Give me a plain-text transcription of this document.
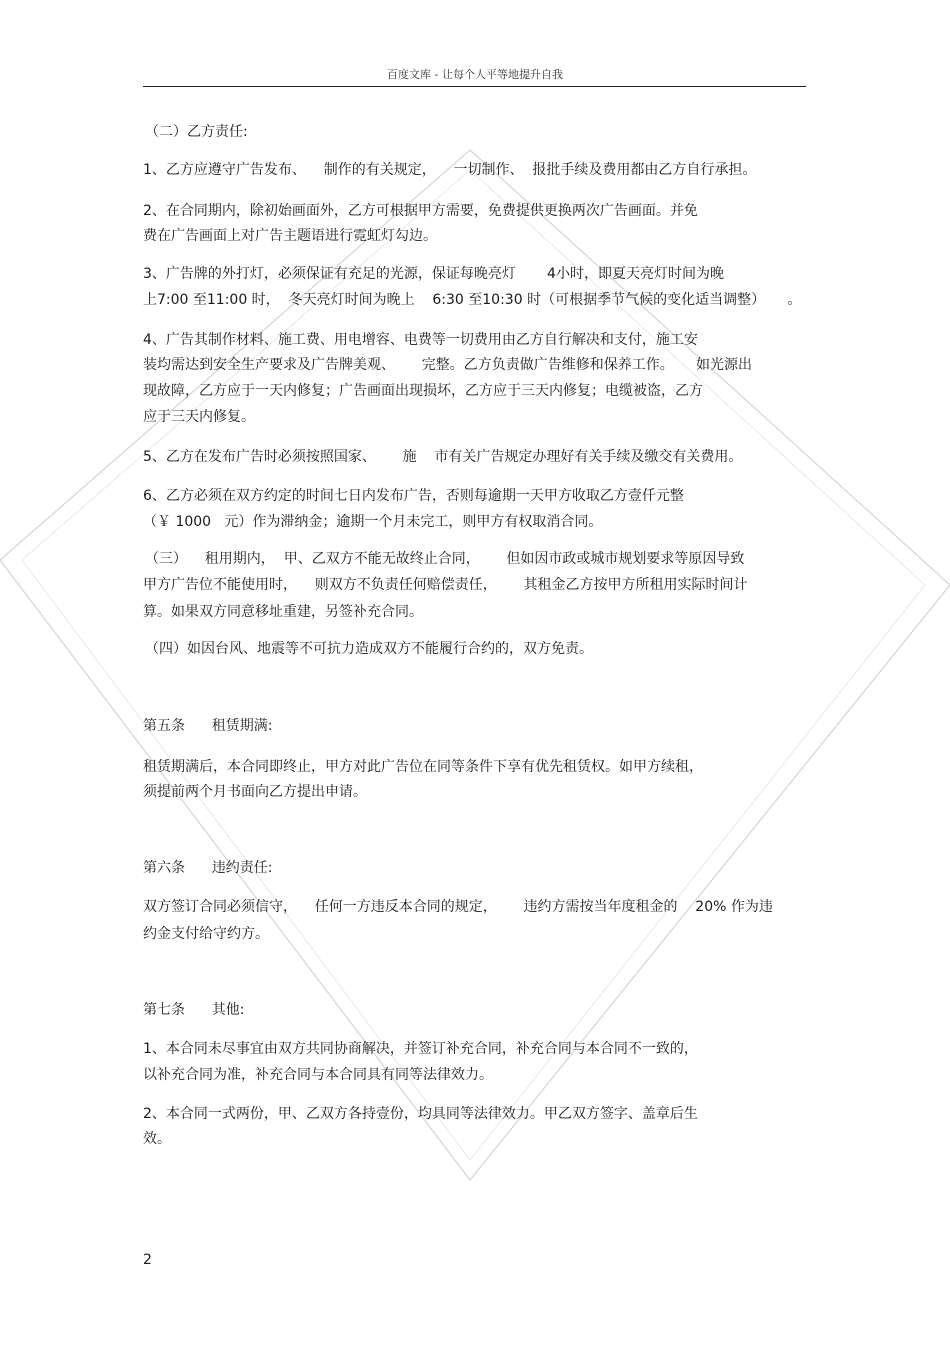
百度文库 - 让每个人平等地提升自我
（二）乙方责任:
1、乙方应遵守广告发布、    制作的有关规定，    一切制作、  报批手续及费用都由乙方自行承担。
2、在合同期内，除初始画面外，乙方可根据甲方需要，免费提供更换两次广告画面。并免
费在广告画面上对广告主题语进行霓虹灯勾边。
3、广告牌的外打灯，必须保证有充足的光源，保证每晚亮灯       4小时，即夏天亮灯时间为晚
上7:00 至11:00 时，  冬天亮灯时间为晚上    6:30 至10:30 时（可根据季节气候的变化适当调整）     。
4、广告其制作材料、施工费、用电增容、电费等一切费用由乙方自行解决和支付，施工安
装均需达到安全生产要求及广告牌美观、      完整。乙方负责做广告维修和保养工作。     如光源出
现故障，乙方应于一天内修复；广告画面出现损坏，乙方应于三天内修复；电缆被盗，乙方
应于三天内修复。
5、乙方在发布广告时必须按照国家、      施    市有关广告规定办理好有关手续及缴交有关费用。
6、乙方必须在双方约定的时间七日内发布广告，否则每逾期一天甲方收取乙方壹仟元整
（￥ 1000   元）作为滞纳金；逾期一个月未完工，则甲方有权取消合同。
（三）    租用期内，  甲、乙双方不能无故终止合同，      但如因市政或城市规划要求等原因导致
甲方广告位不能使用时，    则双方不负责任何赔偿责任，      其租金乙方按甲方所租用实际时间计
算。如果双方同意移址重建，另签补充合同。
（四）如因台风、地震等不可抗力造成双方不能履行合约的，双方免责。
第五条      租赁期满:
租赁期满后，本合同即终止，甲方对此广告位在同等条件下享有优先租赁权。如甲方续租，
须提前两个月书面向乙方提出申请。
第六条      违约责任:
双方签订合同必须信守，    任何一方违反本合同的规定，      违约方需按当年度租金的    20% 作为违
约金支付给守约方。
第七条      其他:
1、本合同未尽事宜由双方共同协商解决，并签订补充合同，补充合同与本合同不一致的，
以补充合同为准，补充合同与本合同具有同等法律效力。
2、本合同一式两份，甲、乙双方各持壹份，均具同等法律效力。甲乙双方签字、盖章后生
效。
2
